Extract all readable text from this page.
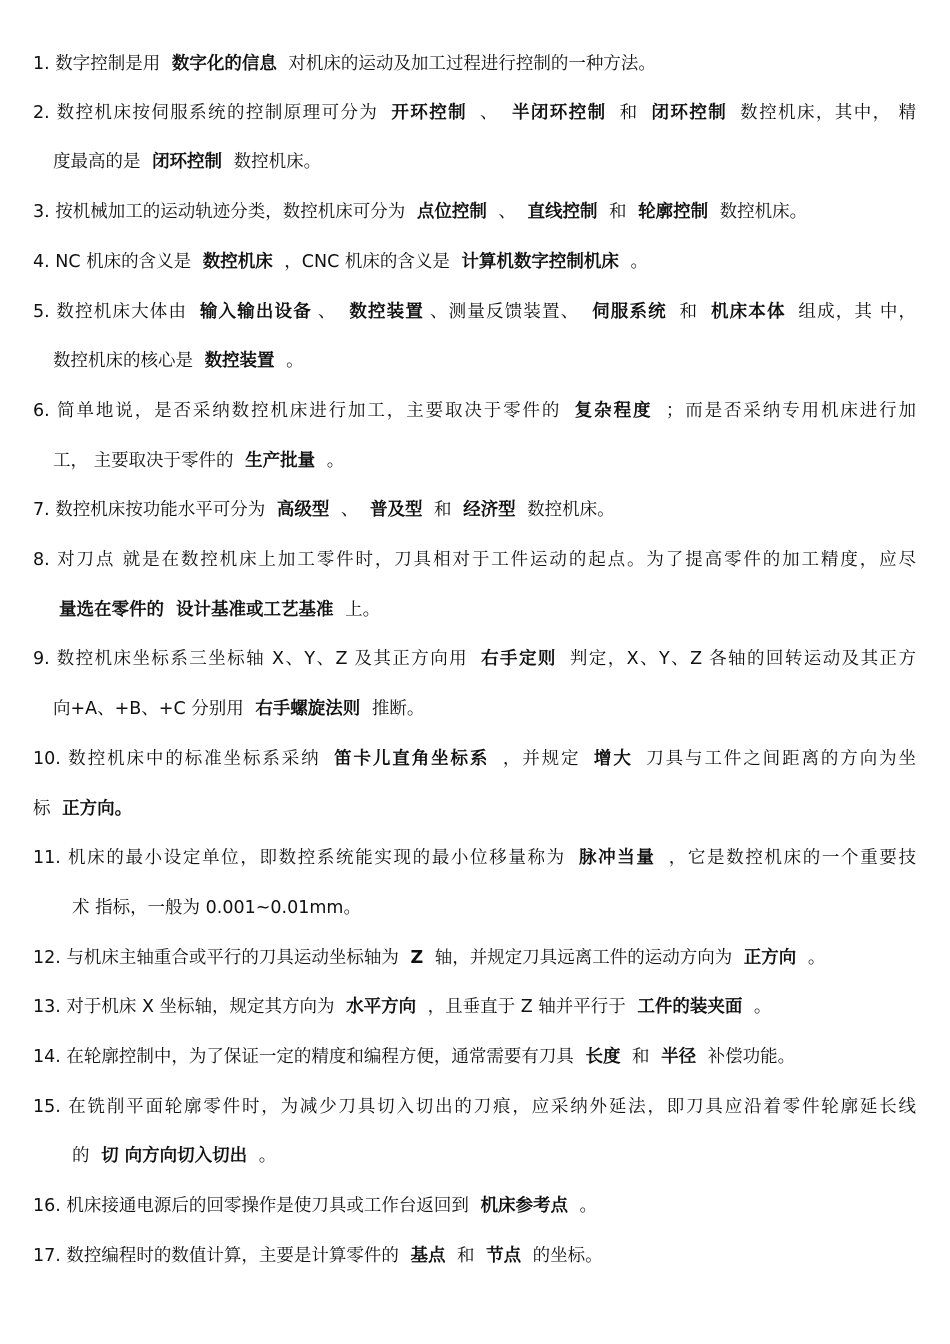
1. 数字控制是用 数字化的信息 对机床的运动及加工过程进行控制的一种方法。
2. 数控机床按伺服系统的控制原理可分为 开环控制 、 半闭环控制 和 闭环控制 数控机床，其中， 精
度最高的是 闭环控制 数控机床。
3. 按机械加工的运动轨迹分类，数控机床可分为 点位控制 、 直线控制 和 轮廓控制 数控机床。
4. NC 机床的含义是 数控机床 ，CNC 机床的含义是 计算机数字控制机床 。
5. 数控机床大体由 输入输出设备 、 数控装置 、测量反馈装置、 伺服系统 和 机床本体 组成，其 中，
数控机床的核心是 数控装置 。
6. 简单地说，是否采纳数控机床进行加工，主要取决于零件的 复杂程度 ；而是否采纳专用机床进行加
工， 主要取决于零件的 生产批量 。
7. 数控机床按功能水平可分为 高级型 、 普及型 和 经济型 数控机床。
8. 对刀点 就是在数控机床上加工零件时，刀具相对于工件运动的起点。为了提高零件的加工精度，应尽
量选在零件的 设计基准或工艺基准 上。
9. 数控机床坐标系三坐标轴 X、Y、Z 及其正方向用 右手定则 判定，X、Y、Z 各轴的回转运动及其正方
向+A、+B、+C 分别用 右手螺旋法则 推断。
10. 数控机床中的标准坐标系采纳 笛卡儿直角坐标系 ，并规定 增大 刀具与工件之间距离的方向为坐
标 正方向。
11. 机床的最小设定单位，即数控系统能实现的最小位移量称为 脉冲当量 ，它是数控机床的一个重要技
术 指标，一般为 0.001~0.01mm。
12. 与机床主轴重合或平行的刀具运动坐标轴为 Z 轴，并规定刀具远离工件的运动方向为 正方向 。
13. 对于机床 X 坐标轴，规定其方向为 水平方向 ，且垂直于 Z 轴并平行于 工件的装夹面 。
14. 在轮廓控制中，为了保证一定的精度和编程方便，通常需要有刀具 长度 和 半径 补偿功能。
15. 在铣削平面轮廓零件时，为减少刀具切入切出的刀痕，应采纳外延法，即刀具应沿着零件轮廓延长线
的 切 向方向切入切出 。
16. 机床接通电源后的回零操作是使刀具或工作台返回到 机床参考点 。
17. 数控编程时的数值计算，主要是计算零件的 基点 和 节点 的坐标。
